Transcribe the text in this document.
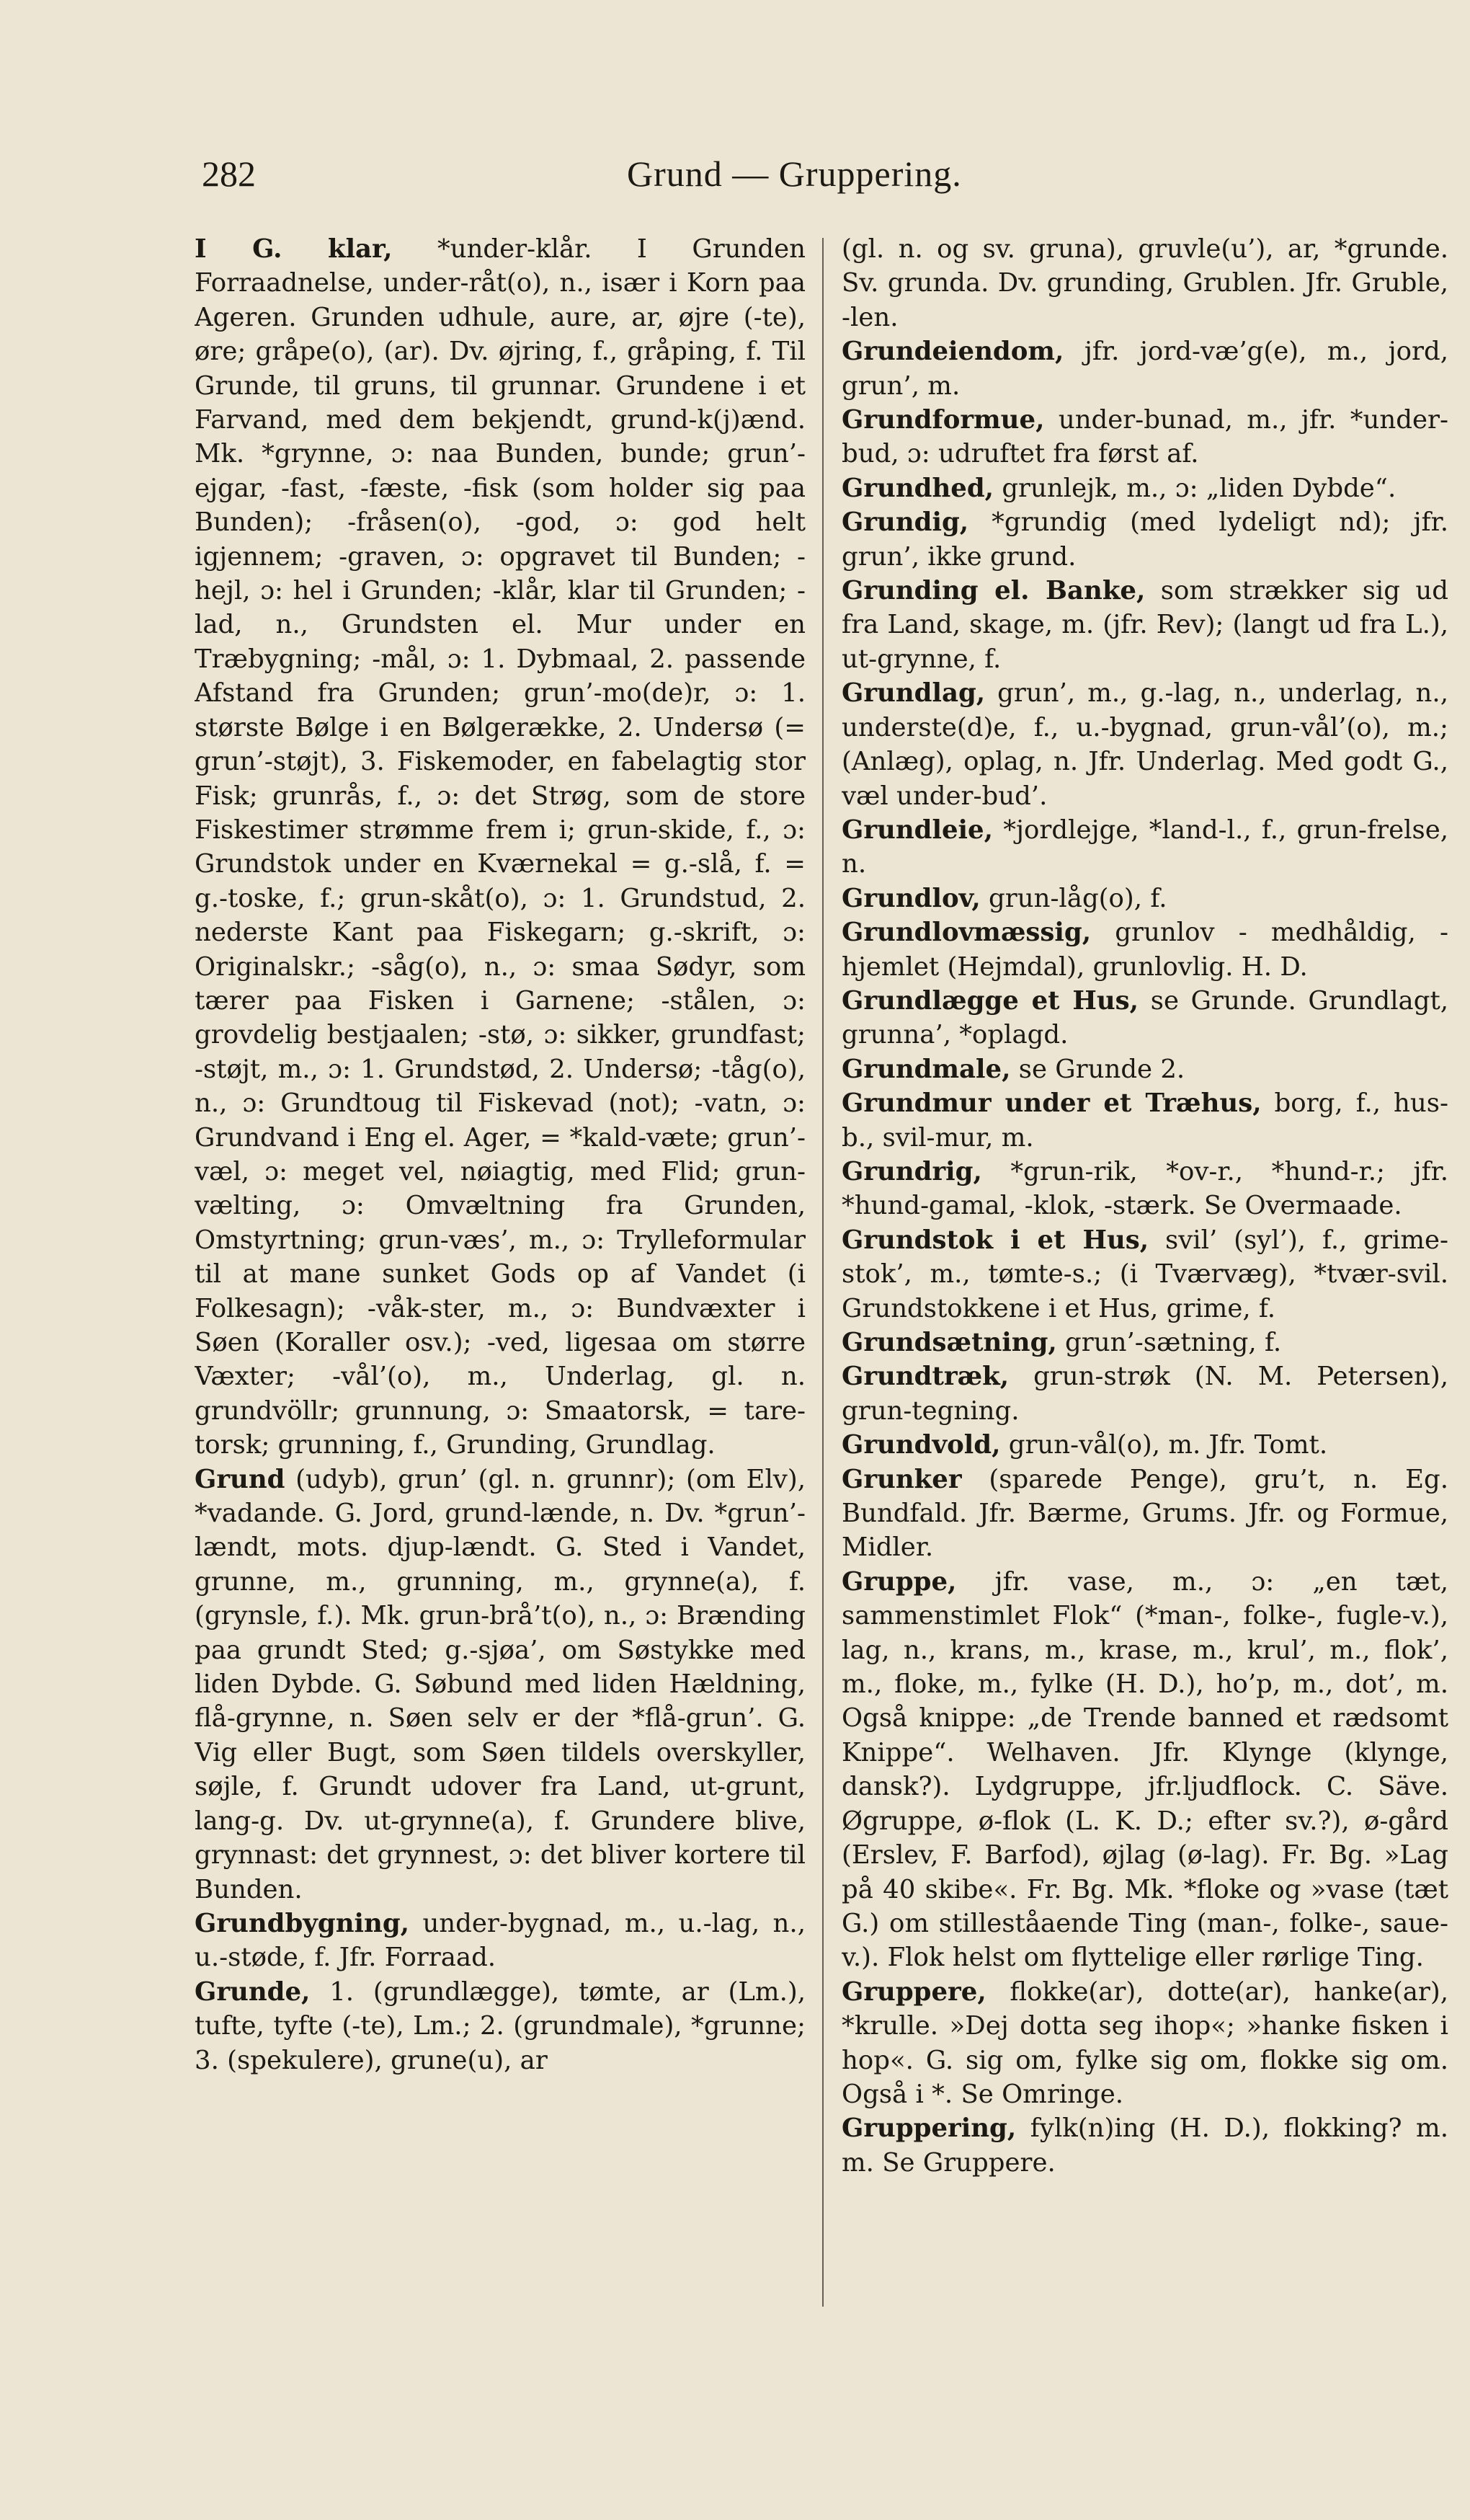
282	Grund — Gruppering.

I G. klar, *under-klår. I Grunden Forraadnelse, under-råt(o), n., især i Korn paa Ageren. Grunden udhule, aure, ar, øjre (-te), øre; gråpe(o), (ar). Dv. øjring, f., gråping, f. Til Grunde, til gruns, til grunnar. Grundene i et Farvand, med dem bekjendt, grund-k(j)ænd. Mk. *grynne, ɔ: naa Bunden, bunde; grun’-ejgar, -fast, -fæste, -fisk (som holder sig paa Bunden); -fråsen(o), -god, ɔ: god helt igjennem; -graven, ɔ: opgravet til Bunden; -hejl, ɔ: hel i Grunden; -klår, klar til Grunden; -lad, n., Grundsten el. Mur under en Træbygning; -mål, ɔ: 1. Dybmaal, 2. passende Afstand fra Grunden; grun’-mo(de)r, ɔ: 1. største Bølge i en Bølgerække, 2. Undersø (= grun’-støjt), 3. Fiskemoder, en fabelagtig stor Fisk; grunrås, f., ɔ: det Strøg, som de store Fiskestimer strømme frem i; grun-skide, f., ɔ: Grundstok under en Kværnekal = g.-slå, f. = g.-toske, f.; grun-skåt(o), ɔ: 1. Grundstud, 2. nederste Kant paa Fiskegarn; g.-skrift, ɔ: Originalskr.; -såg(o), n., ɔ: smaa Sødyr, som tærer paa Fisken i Garnene; -stålen, ɔ: grovdelig bestjaalen; -stø, ɔ: sikker, grundfast; -støjt, m., ɔ: 1. Grundstød, 2. Undersø; -tåg(o), n., ɔ: Grundtoug til Fiskevad (not); -vatn, ɔ: Grundvand i Eng el. Ager, = *kald-væte; grun’-væl, ɔ: meget vel, nøiagtig, med Flid; grun-vælting, ɔ: Omvæltning fra Grunden, Omstyrtning; grun-væs’, m., ɔ: Trylleformular til at mane sunket Gods op af Vandet (i Folkesagn); -våk-ster, m., ɔ: Bundvæxter i Søen (Koraller osv.); -ved, ligesaa om større Væxter; -vål’(o), m., Underlag, gl. n. grundvöllr; grunnung, ɔ: Smaatorsk, = tare-torsk; grunning, f., Grunding, Grundlag.

Grund (udyb), grun’ (gl. n. grunnr); (om Elv), *vadande. G. Jord, grund-lænde, n. Dv. *grun’-lændt, mots. djup-lændt. G. Sted i Vandet, grunne, m., grunning, m., grynne(a), f. (grynsle, f.). Mk. grun-brå’t(o), n., ɔ: Brænding paa grundt Sted; g.-sjøa’, om Søstykke med liden Dybde. G. Søbund med liden Hældning, flå-grynne, n. Søen selv er der *flå-grun’. G. Vig eller Bugt, som Søen tildels overskyller, søjle, f. Grundt udover fra Land, ut-grunt, lang-g. Dv. ut-grynne(a), f. Grundere blive, grynnast: det grynnest, ɔ: det bliver kortere til Bunden.

Grundbygning, under-bygnad, m., u.-lag, n., u.-støde, f. Jfr. Forraad.

Grunde, 1. (grundlægge), tømte, ar (Lm.), tufte, tyfte (-te), Lm.; 2. (grundmale), *grunne; 3. (spekulere), grune(u), ar

(gl. n. og sv. gruna), gruvle(u’), ar, *grunde. Sv. grunda. Dv. grunding, Grublen. Jfr. Gruble, -len.

Grundeiendom, jfr. jord-væ’g(e), m., jord, grun’, m.

Grundformue, under-bunad, m., jfr. *under-bud, ɔ: udruftet fra først af.

Grundhed, grunlejk, m., ɔ: „liden Dybde“.

Grundig, *grundig (med lydeligt nd); jfr. grun’, ikke grund.

Grunding el. Banke, som strækker sig ud fra Land, skage, m. (jfr. Rev); (langt ud fra L.), ut-grynne, f.

Grundlag, grun’, m., g.-lag, n., underlag, n., underste(d)e, f., u.-bygnad, grun-vål’(o), m.; (Anlæg), oplag, n. Jfr. Underlag. Med godt G., væl under-bud’.

Grundleie, *jordlejge, *land-l., f., grun-frelse, n.

Grundlov, grun-låg(o), f.

Grundlovmæssig, grunlov - medhåldig, -hjemlet (Hejmdal), grunlovlig. H. D.

Grundlægge et Hus, se Grunde. Grundlagt, grunna’, *oplagd.

Grundmale, se Grunde 2.

Grundmur under et Træhus, borg, f., hus-b., svil-mur, m.

Grundrig, *grun-rik, *ov-r., *hund-r.; jfr. *hund-gamal, -klok, -stærk. Se Overmaade.

Grundstok i et Hus, svil’ (syl’), f., grime-stok’, m., tømte-s.; (i Tværvæg), *tvær-svil. Grundstokkene i et Hus, grime, f.

Grundsætning, grun’-sætning, f.

Grundtræk, grun-strøk (N. M. Petersen), grun-tegning.

Grundvold, grun-vål(o), m. Jfr. Tomt.

Grunker (sparede Penge), gru’t, n. Eg. Bundfald. Jfr. Bærme, Grums. Jfr. og Formue, Midler.

Gruppe, jfr. vase, m., ɔ: „en tæt, sammenstimlet Flok“ (*man-, folke-, fugle-v.), lag, n., krans, m., krase, m., krul’, m., flok’, m., floke, m., fylke (H. D.), ho’p, m., dot’, m. Også knippe: „de Trende banned et rædsomt Knippe“. Welhaven. Jfr. Klynge (klynge, dansk?). Lydgruppe, jfr.ljudflock. C. Säve. Øgruppe, ø-flok (L. K. D.; efter sv.?), ø-gård (Erslev, F. Barfod), øjlag (ø-lag). Fr. Bg. »Lag på 40 skibe«. Fr. Bg. Mk. *floke og »vase (tæt G.) om stilleståaende Ting (man-, folke-, saue-v.). Flok helst om flyttelige eller rørlige Ting.

Gruppere, flokke(ar), dotte(ar), hanke(ar), *krulle. »Dej dotta seg ihop«; »hanke fisken i hop«. G. sig om, fylke sig om, flokke sig om. Også i *. Se Omringe.

Gruppering, fylk(n)ing (H. D.), flokking? m. m. Se Gruppere.
